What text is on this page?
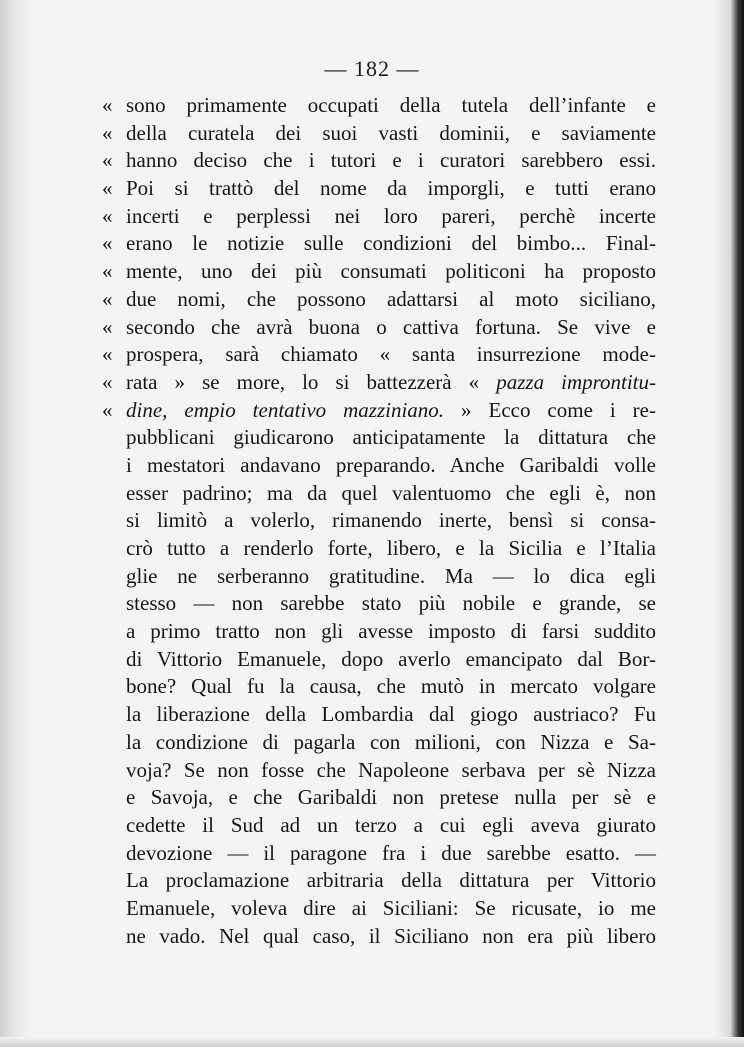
— 182 —
« sono primamente occupati della tutela dell’infante e
« della curatela dei suoi vasti dominii, e saviamente
« hanno deciso che i tutori e i curatori sarebbero essi.
« Poi si trattò del nome da imporgli, e tutti erano
« incerti e perplessi nei loro pareri, perchè incerte
« erano le notizie sulle condizioni del bimbo... Final-
« mente, uno dei più consumati politiconi ha proposto
« due nomi, che possono adattarsi al moto siciliano,
« secondo che avrà buona o cattiva fortuna. Se vive e
« prospera, sarà chiamato « santa insurrezione mode-
« rata » se more, lo si battezzerà « pazza improntitu-
« dine, empio tentativo mazziniano. » Ecco come i re-
pubblicani giudicarono anticipatamente la dittatura che
i mestatori andavano preparando. Anche Garibaldi volle
esser padrino; ma da quel valentuomo che egli è, non
si limitò a volerlo, rimanendo inerte, bensì si consa-
crò tutto a renderlo forte, libero, e la Sicilia e l’Italia
glie ne serberanno gratitudine. Ma — lo dica egli
stesso — non sarebbe stato più nobile e grande, se
a primo tratto non gli avesse imposto di farsi suddito
di Vittorio Emanuele, dopo averlo emancipato dal Bor-
bone? Qual fu la causa, che mutò in mercato volgare
la liberazione della Lombardia dal giogo austriaco? Fu
la condizione di pagarla con milioni, con Nizza e Sa-
voja? Se non fosse che Napoleone serbava per sè Nizza
e Savoja, e che Garibaldi non pretese nulla per sè e
cedette il Sud ad un terzo a cui egli aveva giurato
devozione — il paragone fra i due sarebbe esatto. —
La proclamazione arbitraria della dittatura per Vittorio
Emanuele, voleva dire ai Siciliani: Se ricusate, io me
ne vado. Nel qual caso, il Siciliano non era più libero
